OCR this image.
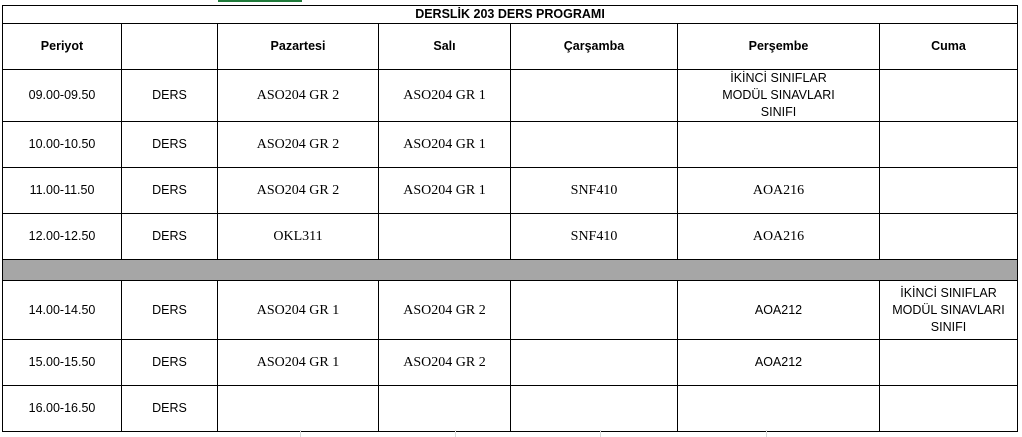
DERSLİK 203 DERS PROGRAMI						
Periyot		Pazartesi	Salı	Çarşamba	Perşembe	Cuma
09.00-09.50	DERS	ASO204 GR 2	ASO204 GR 1		İKİNCİ SINIFLAR MODÜL SINAVLARI SINIFI	
10.00-10.50	DERS	ASO204 GR 2	ASO204 GR 1			
11.00-11.50	DERS	ASO204 GR 2	ASO204 GR 1	SNF410	AOA216	
12.00-12.50	DERS	OKL311		SNF410	AOA216	

14.00-14.50	DERS	ASO204 GR 1	ASO204 GR 2		AOA212	İKİNCİ SINIFLAR MODÜL SINAVLARI SINIFI
15.00-15.50	DERS	ASO204 GR 1	ASO204 GR 2		AOA212	
16.00-16.50	DERS					
